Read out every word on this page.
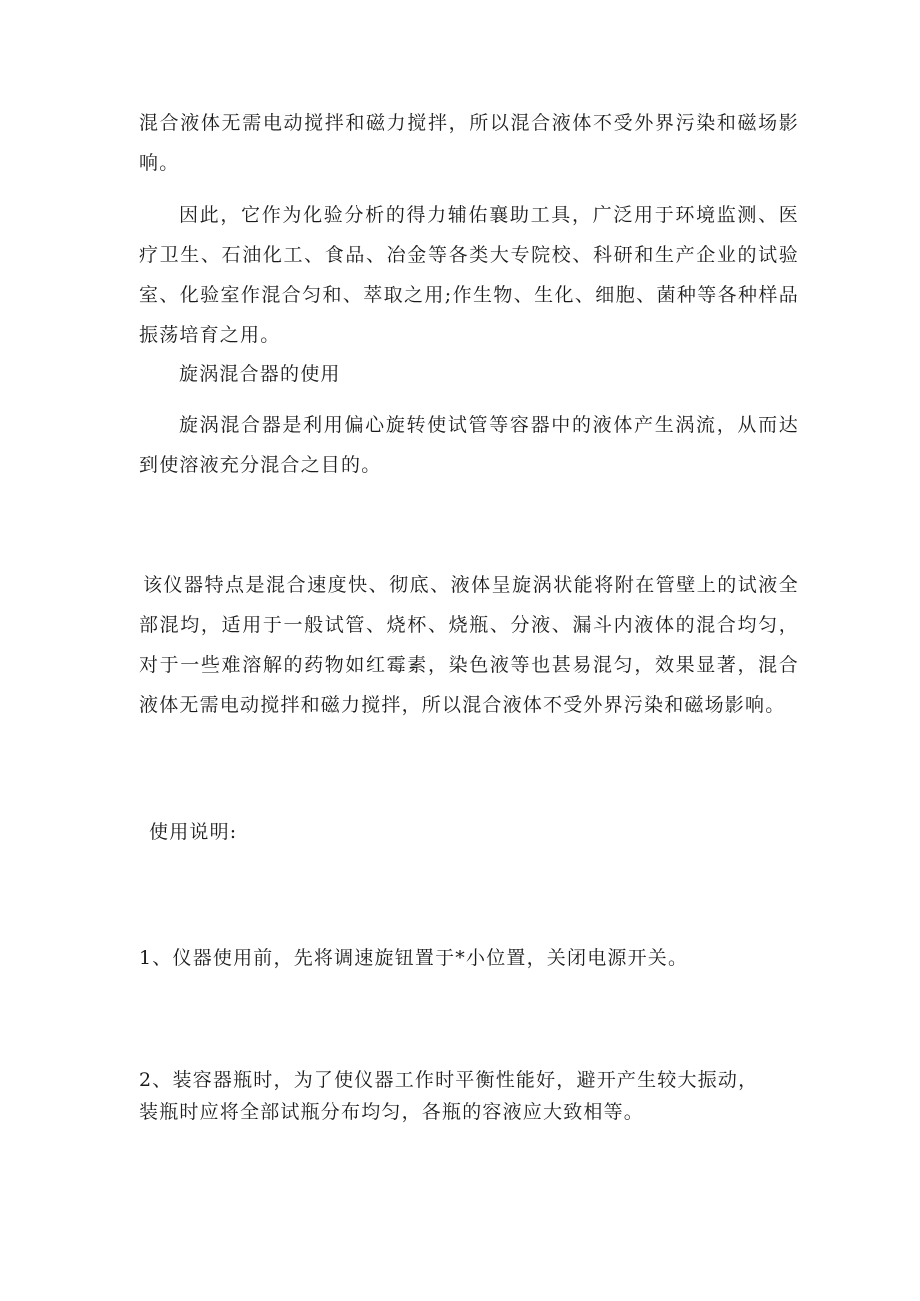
混合液体无需电动搅拌和磁力搅拌，所以混合液体不受外界污染和磁场影响。

因此，它作为化验分析的得力辅佑襄助工具，广泛用于环境监测、医疗卫生、石油化工、食品、冶金等各类大专院校、科研和生产企业的试验室、化验室作混合匀和、萃取之用;作生物、生化、细胞、菌种等各种样品振荡培育之用。

旋涡混合器的使用

旋涡混合器是利用偏心旋转使试管等容器中的液体产生涡流，从而达到使溶液充分混合之目的。

该仪器特点是混合速度快、彻底、液体呈旋涡状能将附在管壁上的试液全部混均，适用于一般试管、烧杯、烧瓶、分液、漏斗内液体的混合均匀，对于一些难溶解的药物如红霉素，染色液等也甚易混匀，效果显著，混合液体无需电动搅拌和磁力搅拌，所以混合液体不受外界污染和磁场影响。

使用说明:

1、仪器使用前，先将调速旋钮置于*小位置，关闭电源开关。

2、装容器瓶时，为了使仪器工作时平衡性能好，避开产生较大振动，

装瓶时应将全部试瓶分布均匀，各瓶的容液应大致相等。
